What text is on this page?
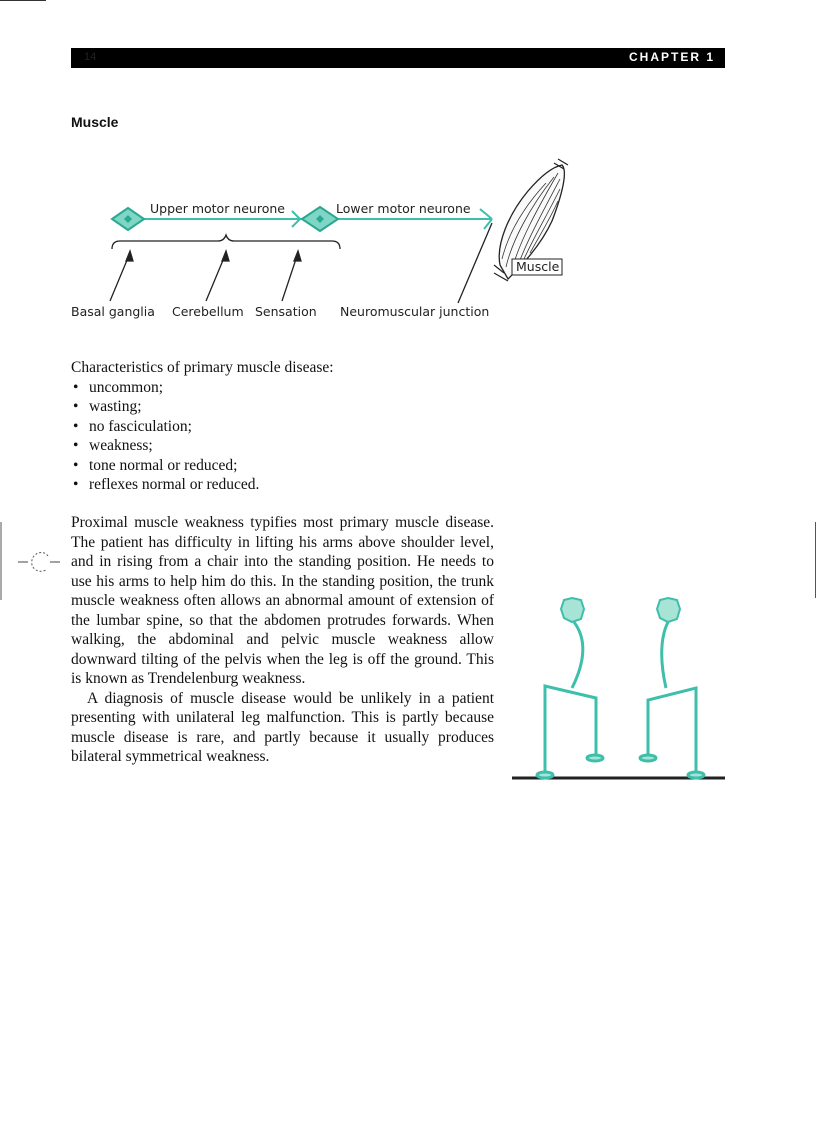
14	CHAPTER 1
Muscle
Upper motor neurone	Lower motor neurone
Muscle
Basal ganglia Cerebellum Sensation Neuromuscular junction
Characteristics of primary muscle disease:
• uncommon;
• wasting;
• no fasciculation;
• weakness;
• tone normal or reduced;
• reflexes normal or reduced.

Proximal muscle weakness typifies most primary muscle disease. The patient has difficulty in lifting his arms above shoulder level, and in rising from a chair into the standing position. He needs to use his arms to help him do this. In the standing position, the trunk muscle weakness often allows an abnormal amount of extension of the lumbar spine, so that the abdomen protrudes forwards. When walking, the abdominal and pelvic muscle weakness allow downward tilting of the pelvis when the leg is off the ground. This is known as Trendelenburg weakness.

A diagnosis of muscle disease would be unlikely in a patient presenting with unilateral leg malfunction. This is partly because muscle disease is rare, and partly because it usually produces bilateral symmetrical weakness.
